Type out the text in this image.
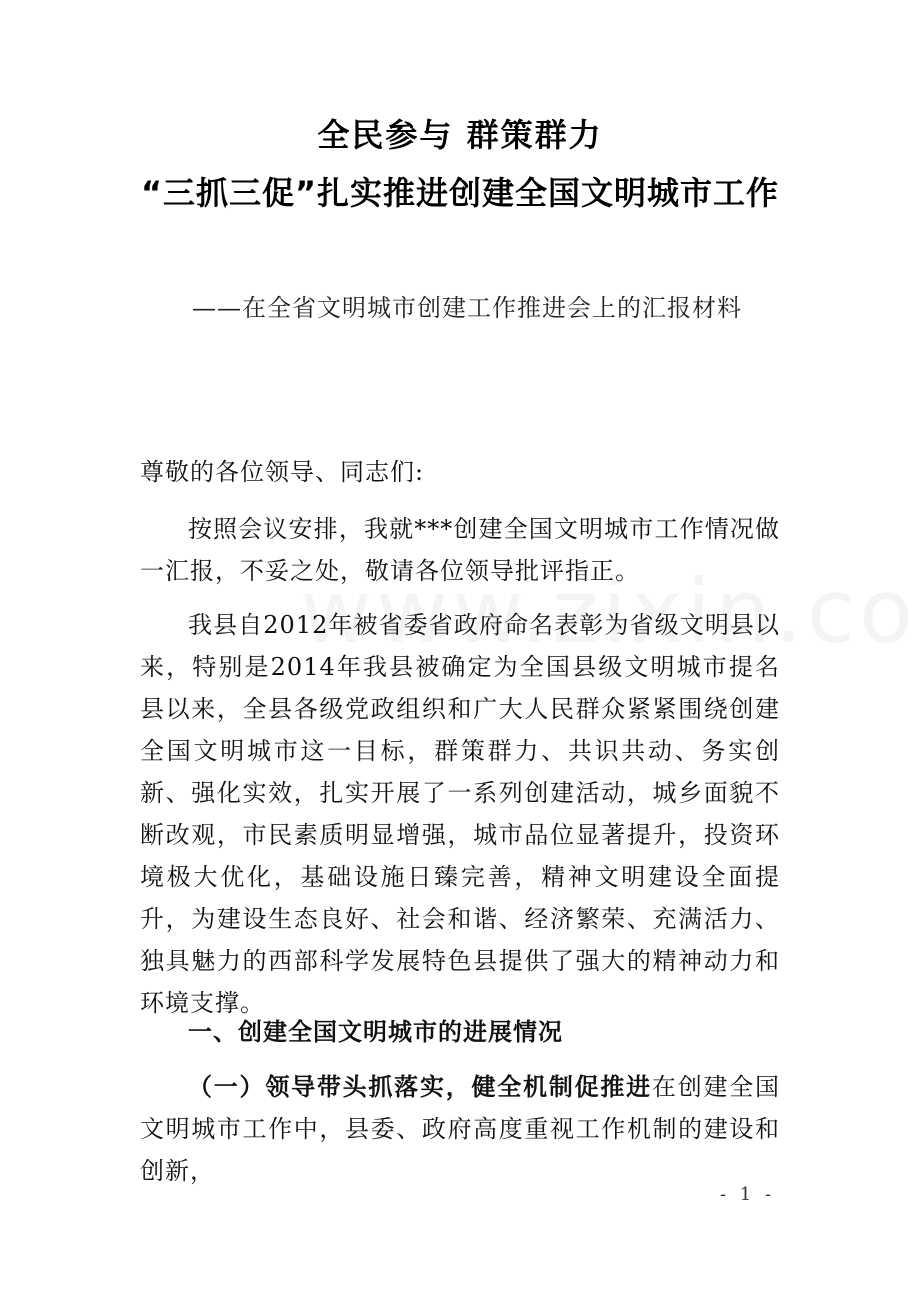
全民参与 群策群力
“三抓三促”扎实推进创建全国文明城市工作
——在全省文明城市创建工作推进会上的汇报材料
尊敬的各位领导、同志们:

按照会议安排，我就***创建全国文明城市工作情况做一汇报，不妥之处，敬请各位领导批评指正。

我县自2012年被省委省政府命名表彰为省级文明县以来，特别是2014年我县被确定为全国县级文明城市提名县以来，全县各级党政组织和广大人民群众紧紧围绕创建全国文明城市这一目标，群策群力、共识共动、务实创新、强化实效，扎实开展了一系列创建活动，城乡面貌不断改观，市民素质明显增强，城市品位显著提升，投资环境极大优化，基础设施日臻完善，精神文明建设全面提升，为建设生态良好、社会和谐、经济繁荣、充满活力、独具魅力的西部科学发展特色县提供了强大的精神动力和环境支撑。

一、创建全国文明城市的进展情况

（一）领导带头抓落实，健全机制促推进在创建全国文明城市工作中，县委、政府高度重视工作机制的建设和创新，

- 1 -
